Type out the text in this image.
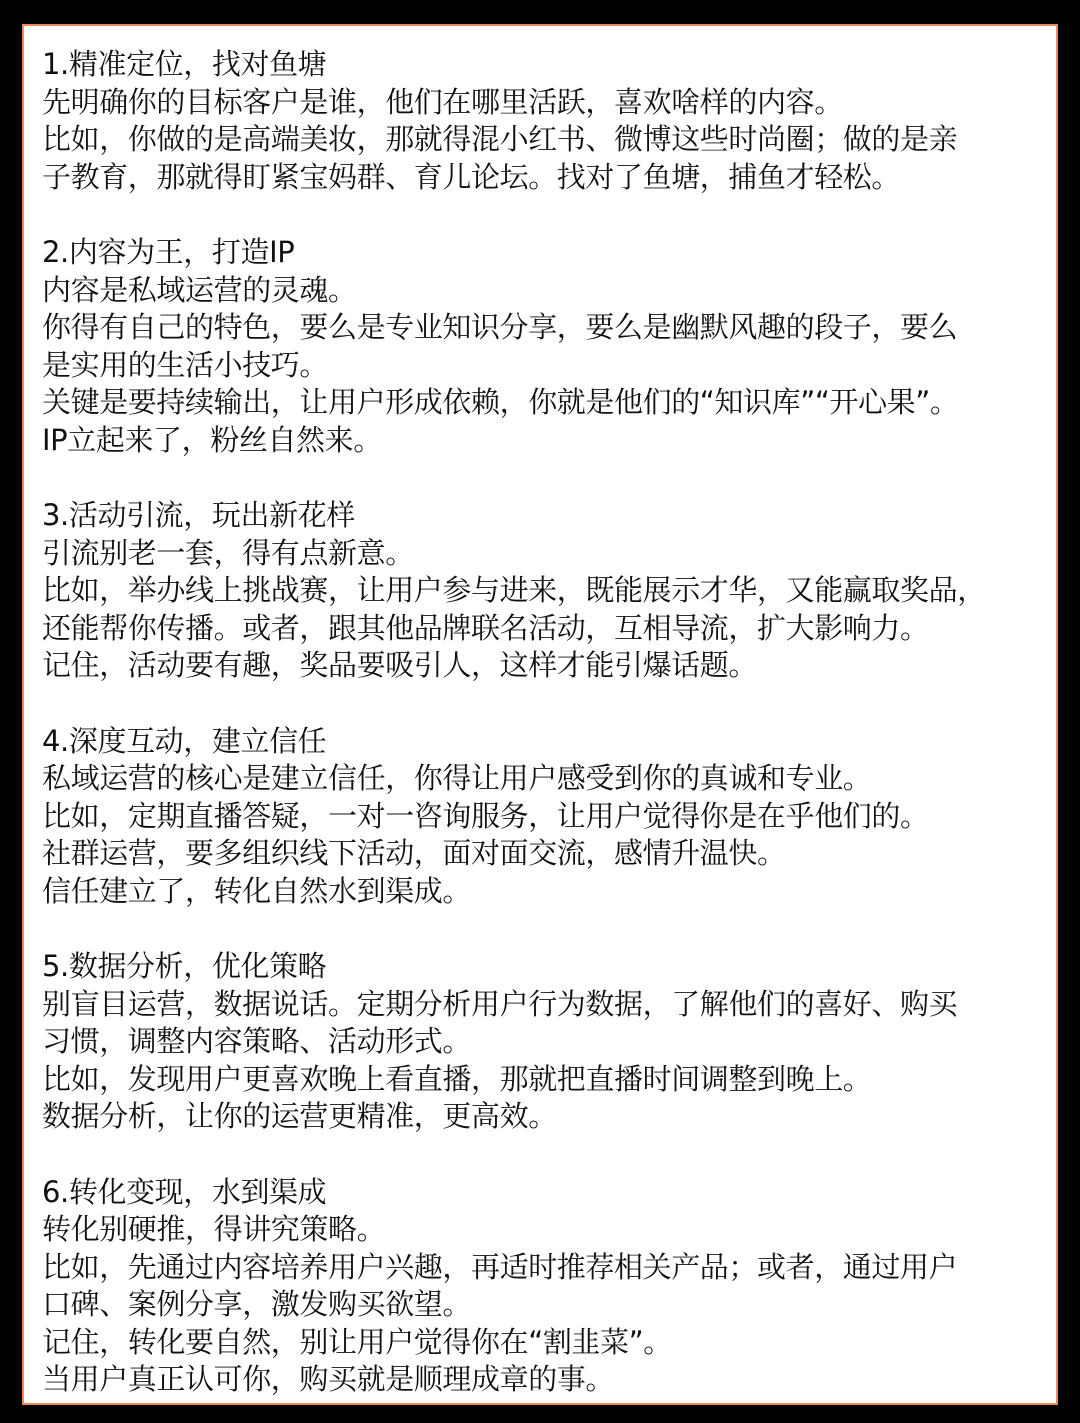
1.精准定位，找对鱼塘
先明确你的目标客户是谁，他们在哪里活跃，喜欢啥样的内容。
比如，你做的是高端美妆，那就得混小红书、微博这些时尚圈；做的是亲
子教育，那就得盯紧宝妈群、育儿论坛。找对了鱼塘，捕鱼才轻松。
2.内容为王，打造IP
内容是私域运营的灵魂。
你得有自己的特色，要么是专业知识分享，要么是幽默风趣的段子，要么
是实用的生活小技巧。
关键是要持续输出，让用户形成依赖，你就是他们的“知识库”“开心果”。
IP立起来了，粉丝自然来。
3.活动引流，玩出新花样
引流别老一套，得有点新意。
比如，举办线上挑战赛，让用户参与进来，既能展示才华，又能赢取奖品，
还能帮你传播。或者，跟其他品牌联名活动，互相导流，扩大影响力。
记住，活动要有趣，奖品要吸引人，这样才能引爆话题。
4.深度互动，建立信任
私域运营的核心是建立信任，你得让用户感受到你的真诚和专业。
比如，定期直播答疑，一对一咨询服务，让用户觉得你是在乎他们的。
社群运营，要多组织线下活动，面对面交流，感情升温快。
信任建立了，转化自然水到渠成。
5.数据分析，优化策略
别盲目运营，数据说话。定期分析用户行为数据，了解他们的喜好、购买
习惯，调整内容策略、活动形式。
比如，发现用户更喜欢晚上看直播，那就把直播时间调整到晚上。
数据分析，让你的运营更精准，更高效。
6.转化变现，水到渠成
转化别硬推，得讲究策略。
比如，先通过内容培养用户兴趣，再适时推荐相关产品；或者，通过用户
口碑、案例分享，激发购买欲望。
记住，转化要自然，别让用户觉得你在“割韭菜”。
当用户真正认可你，购买就是顺理成章的事。
